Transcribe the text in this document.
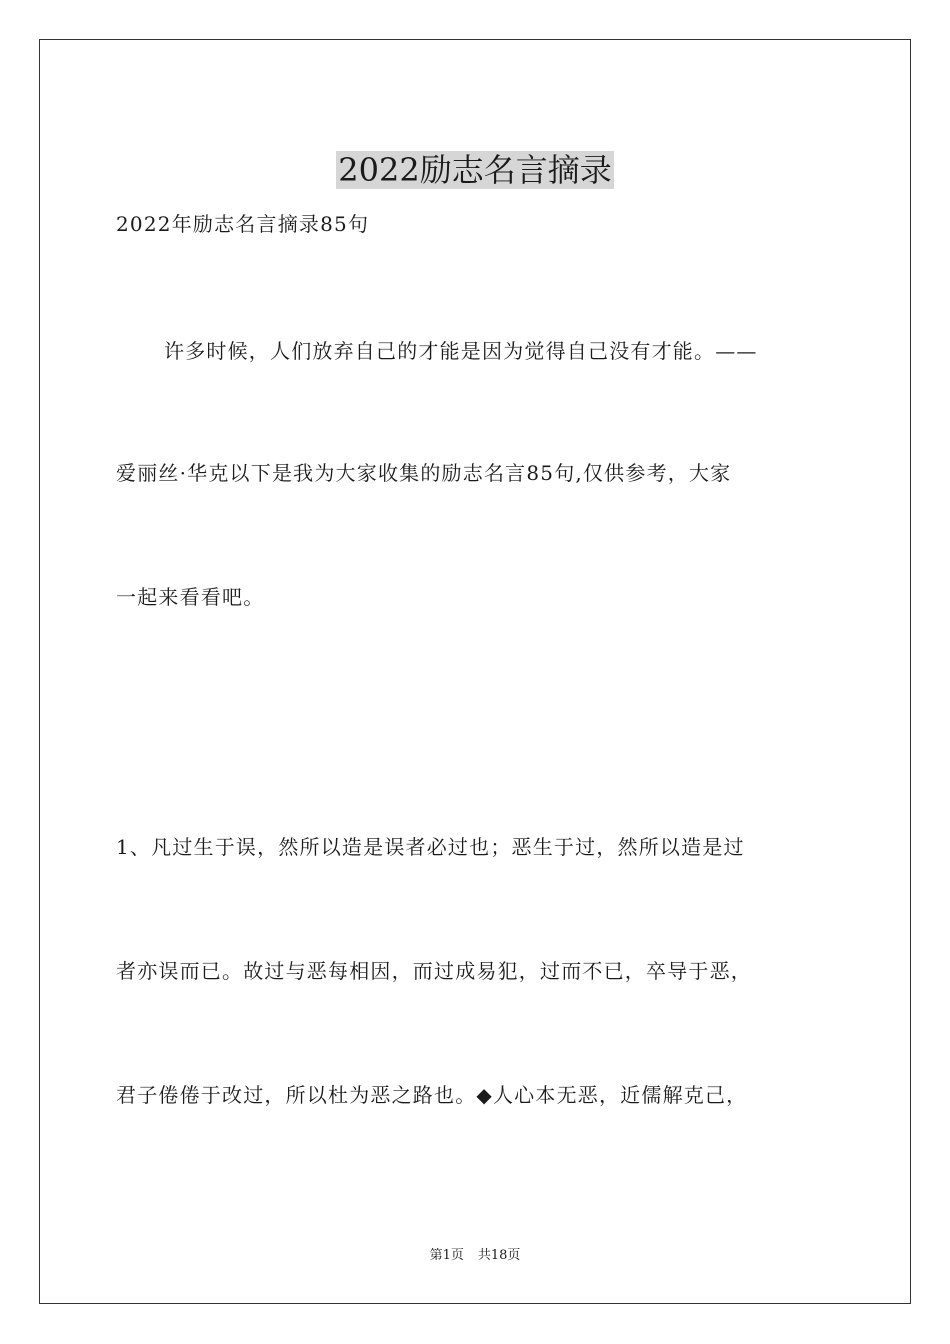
2022励志名言摘录
2022年励志名言摘录85句
许多时候，人们放弃自己的才能是因为觉得自己没有才能。——
爱丽丝·华克以下是我为大家收集的励志名言85句,仅供参考，大家
一起来看看吧。
1、凡过生于误，然所以造是误者必过也；恶生于过，然所以造是过
者亦误而已。故过与恶每相因，而过成易犯，过而不已，卒导于恶，
君子倦倦于改过，所以杜为恶之路也。◆人心本无恶，近儒解克己，
第1页 共18页
